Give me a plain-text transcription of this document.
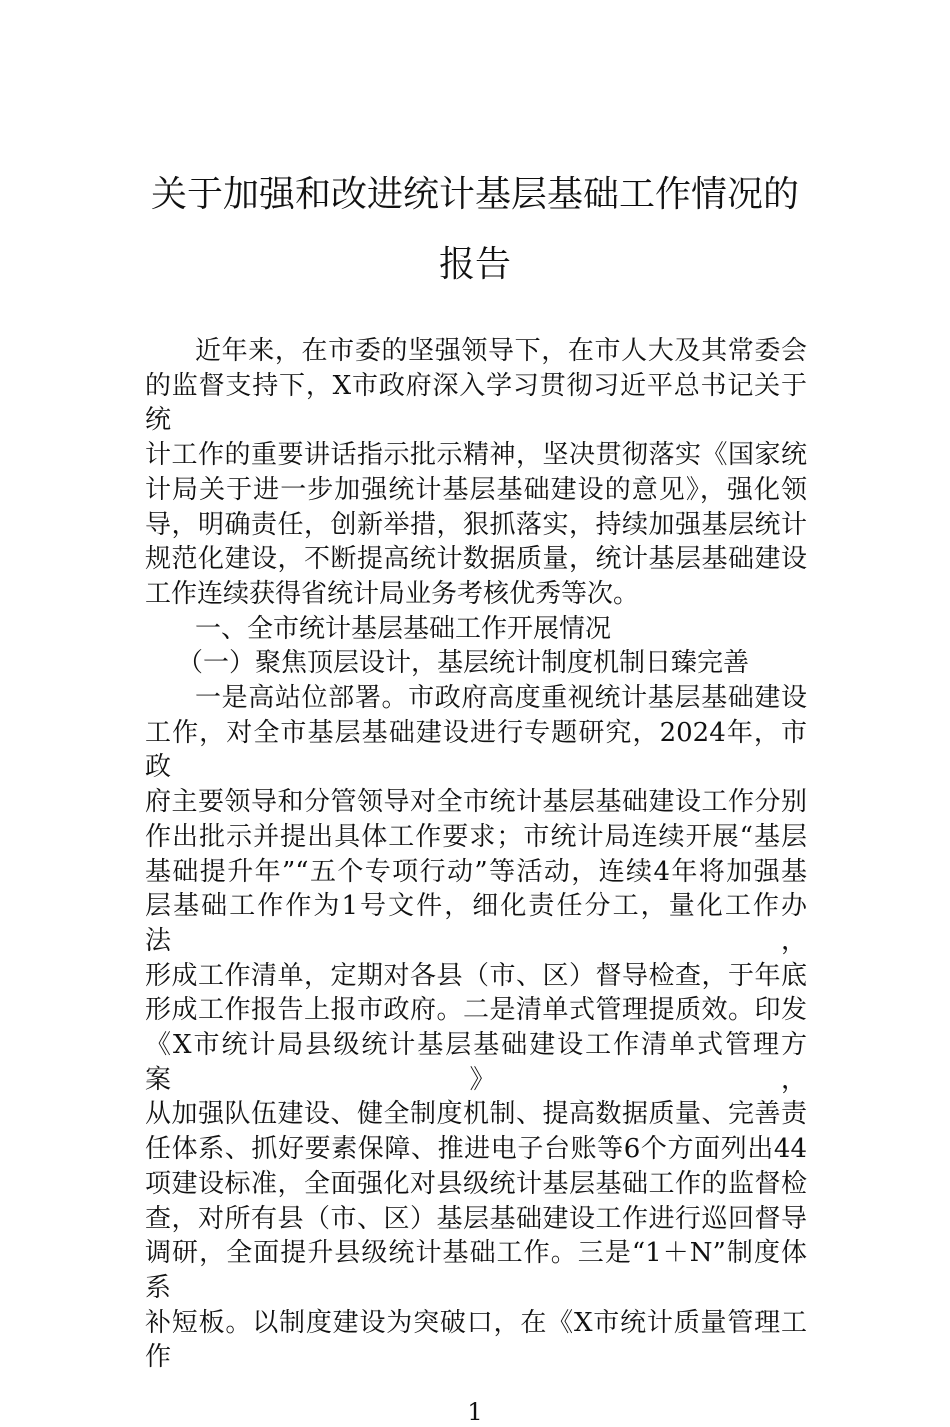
关于加强和改进统计基层基础工作情况的
报告
近年来，在市委的坚强领导下，在市人大及其常委会
的监督支持下，X市政府深入学习贯彻习近平总书记关于统
计工作的重要讲话指示批示精神，坚决贯彻落实《国家统
计局关于进一步加强统计基层基础建设的意见》，强化领
导，明确责任，创新举措，狠抓落实，持续加强基层统计
规范化建设，不断提高统计数据质量，统计基层基础建设
工作连续获得省统计局业务考核优秀等次。
一、全市统计基层基础工作开展情况
（一）聚焦顶层设计，基层统计制度机制日臻完善
一是高站位部署。市政府高度重视统计基层基础建设
工作，对全市基层基础建设进行专题研究，2024年，市政
府主要领导和分管领导对全市统计基层基础建设工作分别
作出批示并提出具体工作要求；市统计局连续开展“基层
基础提升年”“五个专项行动”等活动，连续4年将加强基
层基础工作作为1号文件，细化责任分工，量化工作办法，
形成工作清单，定期对各县（市、区）督导检查，于年底
形成工作报告上报市政府。二是清单式管理提质效。印发
《X市统计局县级统计基层基础建设工作清单式管理方案》，
从加强队伍建设、健全制度机制、提高数据质量、完善责
任体系、抓好要素保障、推进电子台账等6个方面列出44
项建设标准，全面强化对县级统计基层基础工作的监督检
查，对所有县（市、区）基层基础建设工作进行巡回督导
调研，全面提升县级统计基础工作。三是“1＋N”制度体系
补短板。以制度建设为突破口，在《X市统计质量管理工作
1
